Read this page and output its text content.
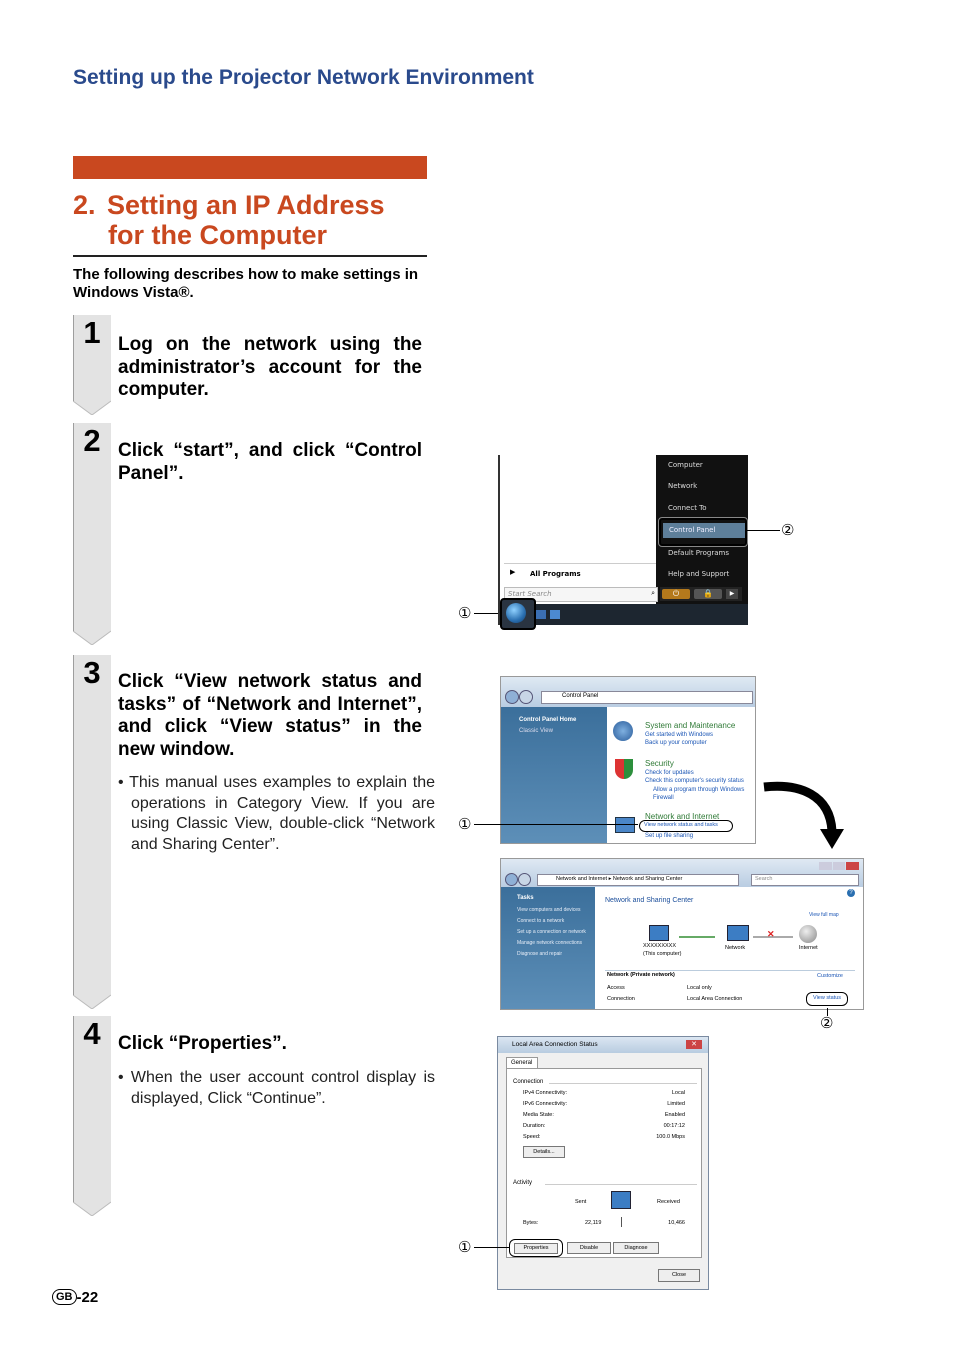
Setting up the Projector Network Environment
2. Setting an IP Address
for the Computer
The following describes how to make settings in Windows Vista®.
1 Log on the network using the administrator’s account for the computer.
2 Click “start”, and click “Control Panel”.
3 Click “View network status and tasks” of “Network and Internet”, and click “View status” in the new window.
• This manual uses examples to explain the operations in Category View. If you are using Classic View, double-click “Network and Sharing Center”.
4 Click “Properties”.
• When the user account control display is displayed, Click “Continue”.
Computer
Network
Connect To
Control Panel
Default Programs
Help and Support
▶ All Programs
Start Search	⌕	⏻	🔒	▶
②
①
Control Panel
Control Panel Home
Classic View
System and Maintenance
Get started with Windows
Back up your computer
Security
Check for updates
Check this computer's security status
Allow a program through Windows Firewall
Network and Internet
View network status and tasks
Set up file sharing
①
Network and Internet ▸ Network and Sharing Center	Search
Tasks
View computers and devices
Connect to a network
Set up a connection or network
Manage network connections
Diagnose and repair
Network and Sharing Center
View full map
?
XXXXXXXXX
(This computer)
Network
✕
Internet
Network (Private network)	Customize
Access	Local only
Connection	Local Area Connection	View status
②
Local Area Connection Status	✕
General
Connection
IPv4 Connectivity:	Local
IPv6 Connectivity:	Limited
Media State:	Enabled
Duration:	00:17:12
Speed:	100.0 Mbps
Details...
Activity
Sent	Received
Bytes:	22,119	10,466
Properties	Disable	Diagnose
Close
①
GB -22
